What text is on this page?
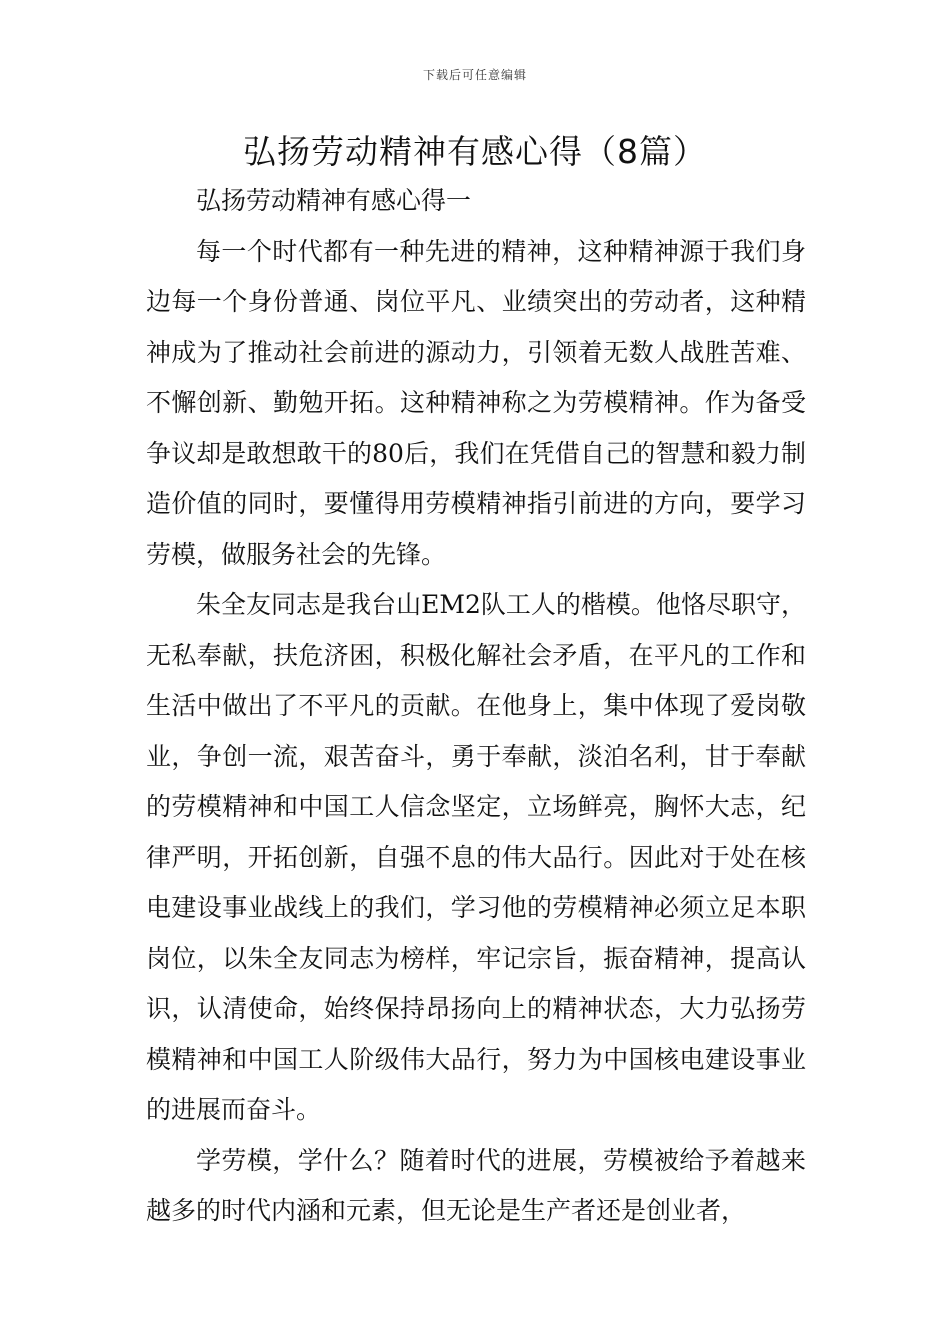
下载后可任意编辑
弘扬劳动精神有感心得（8篇）

弘扬劳动精神有感心得一

每一个时代都有一种先进的精神，这种精神源于我们身边每一个身份普通、岗位平凡、业绩突出的劳动者，这种精神成为了推动社会前进的源动力，引领着无数人战胜苦难、不懈创新、勤勉开拓。这种精神称之为劳模精神。作为备受争议却是敢想敢干的80后，我们在凭借自己的智慧和毅力制造价值的同时，要懂得用劳模精神指引前进的方向，要学习劳模，做服务社会的先锋。

朱全友同志是我台山EM2队工人的楷模。他恪尽职守，无私奉献，扶危济困，积极化解社会矛盾，在平凡的工作和生活中做出了不平凡的贡献。在他身上，集中体现了爱岗敬业，争创一流，艰苦奋斗，勇于奉献，淡泊名利，甘于奉献的劳模精神和中国工人信念坚定，立场鲜亮，胸怀大志，纪律严明，开拓创新，自强不息的伟大品行。因此对于处在核电建设事业战线上的我们，学习他的劳模精神必须立足本职岗位，以朱全友同志为榜样，牢记宗旨，振奋精神，提高认识，认清使命，始终保持昂扬向上的精神状态，大力弘扬劳模精神和中国工人阶级伟大品行，努力为中国核电建设事业的进展而奋斗。

学劳模，学什么？随着时代的进展，劳模被给予着越来越多的时代内涵和元素，但无论是生产者还是创业者，
